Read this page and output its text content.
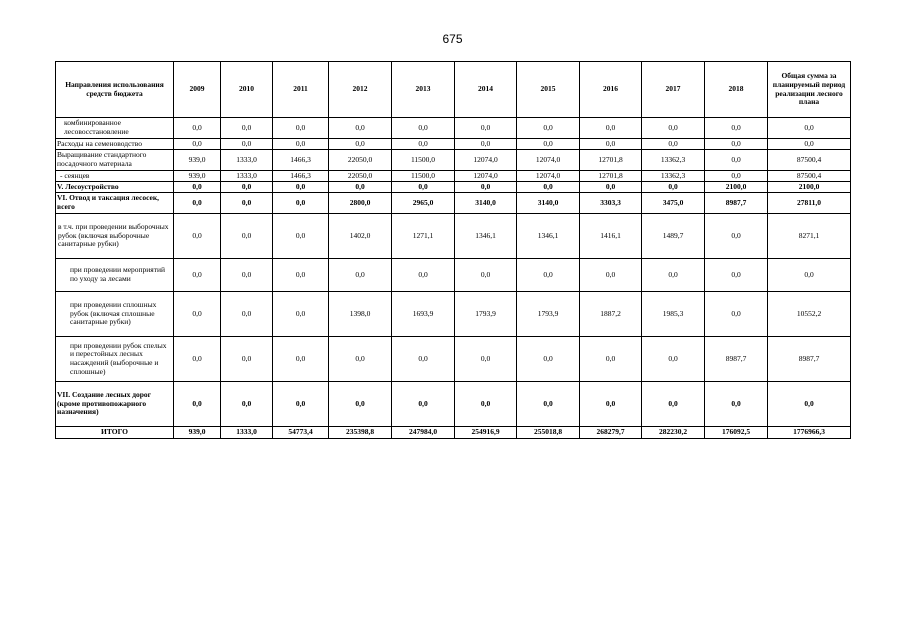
675
Направления использования средств бюджета	2009	2010	2011	2012	2013	2014	2015	2016	2017	2018	Общая сумма за планируемый период реализации лесного плана
комбинированное лесовосстановление	0,0	0,0	0,0	0,0	0,0	0,0	0,0	0,0	0,0	0,0	0,0
Расходы на семеноводство	0,0	0,0	0,0	0,0	0,0	0,0	0,0	0,0	0,0	0,0	0,0
Выращивание стандартного посадочного материала	939,0	1333,0	1466,3	22050,0	11500,0	12074,0	12074,0	12701,8	13362,3	0,0	87500,4
- сеянцев	939,0	1333,0	1466,3	22050,0	11500,0	12074,0	12074,0	12701,8	13362,3	0,0	87500,4
V. Лесоустройство	0,0	0,0	0,0	0,0	0,0	0,0	0,0	0,0	0,0	2100,0	2100,0
VI. Отвод и таксация лесосек, всего	0,0	0,0	0,0	2800,0	2965,0	3140,0	3140,0	3303,3	3475,0	8987,7	27811,0
в т.ч. при проведении выборочных рубок (включая выборочные санитарные рубки)	0,0	0,0	0,0	1402,0	1271,1	1346,1	1346,1	1416,1	1489,7	0,0	8271,1
при проведении мероприятий по уходу за лесами	0,0	0,0	0,0	0,0	0,0	0,0	0,0	0,0	0,0	0,0	0,0
при проведении сплошных рубок (включая сплошные санитарные рубки)	0,0	0,0	0,0	1398,0	1693,9	1793,9	1793,9	1887,2	1985,3	0,0	10552,2
при проведении рубок спелых и перестойных лесных насаждений (выборочные и сплошные)	0,0	0,0	0,0	0,0	0,0	0,0	0,0	0,0	0,0	8987,7	8987,7
VII. Создание лесных дорог (кроме противопожарного назначения)	0,0	0,0	0,0	0,0	0,0	0,0	0,0	0,0	0,0	0,0	0,0
ИТОГО	939,0	1333,0	54773,4	235398,8	247984,0	254916,9	255018,8	268279,7	282230,2	176092,5	1776966,3
